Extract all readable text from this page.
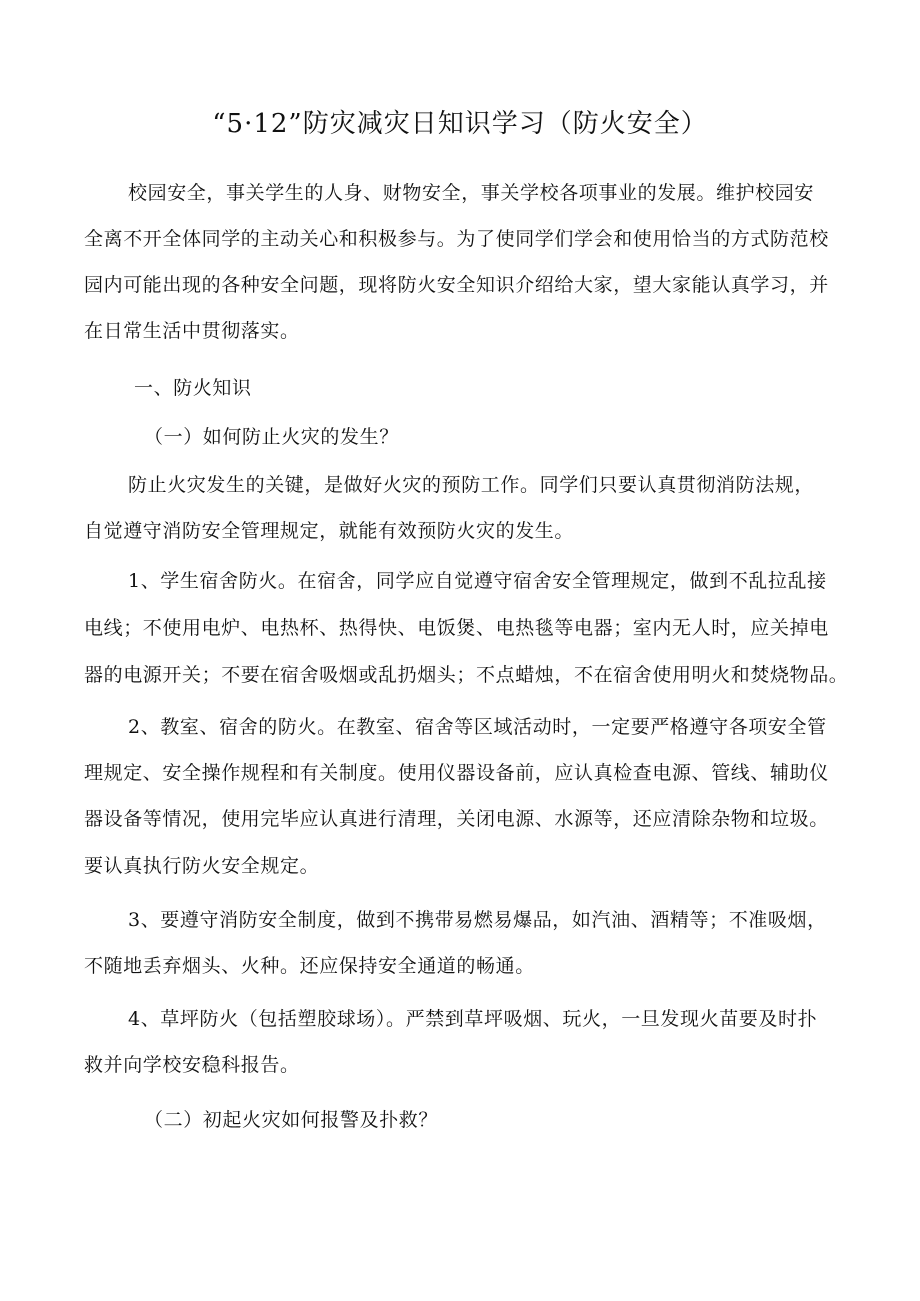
“5·12”防灾减灾日知识学习（防火安全）
校园安全，事关学生的人身、财物安全，事关学校各项事业的发展。维护校园安
全离不开全体同学的主动关心和积极参与。为了使同学们学会和使用恰当的方式防范校
园内可能出现的各种安全问题，现将防火安全知识介绍给大家，望大家能认真学习，并
在日常生活中贯彻落实。
一、防火知识
（一）如何防止火灾的发生？
防止火灾发生的关键，是做好火灾的预防工作。同学们只要认真贯彻消防法规，
自觉遵守消防安全管理规定，就能有效预防火灾的发生。
1、学生宿舍防火。在宿舍，同学应自觉遵守宿舍安全管理规定，做到不乱拉乱接
电线；不使用电炉、电热杯、热得快、电饭煲、电热毯等电器；室内无人时，应关掉电
器的电源开关；不要在宿舍吸烟或乱扔烟头；不点蜡烛，不在宿舍使用明火和焚烧物品。
2、教室、宿舍的防火。在教室、宿舍等区域活动时，一定要严格遵守各项安全管
理规定、安全操作规程和有关制度。使用仪器设备前，应认真检查电源、管线、辅助仪
器设备等情况，使用完毕应认真进行清理，关闭电源、水源等，还应清除杂物和垃圾。
要认真执行防火安全规定。
3、要遵守消防安全制度，做到不携带易燃易爆品，如汽油、酒精等；不准吸烟，
不随地丢弃烟头、火种。还应保持安全通道的畅通。
4、草坪防火（包括塑胶球场）。严禁到草坪吸烟、玩火，一旦发现火苗要及时扑
救并向学校安稳科报告。
（二）初起火灾如何报警及扑救？
